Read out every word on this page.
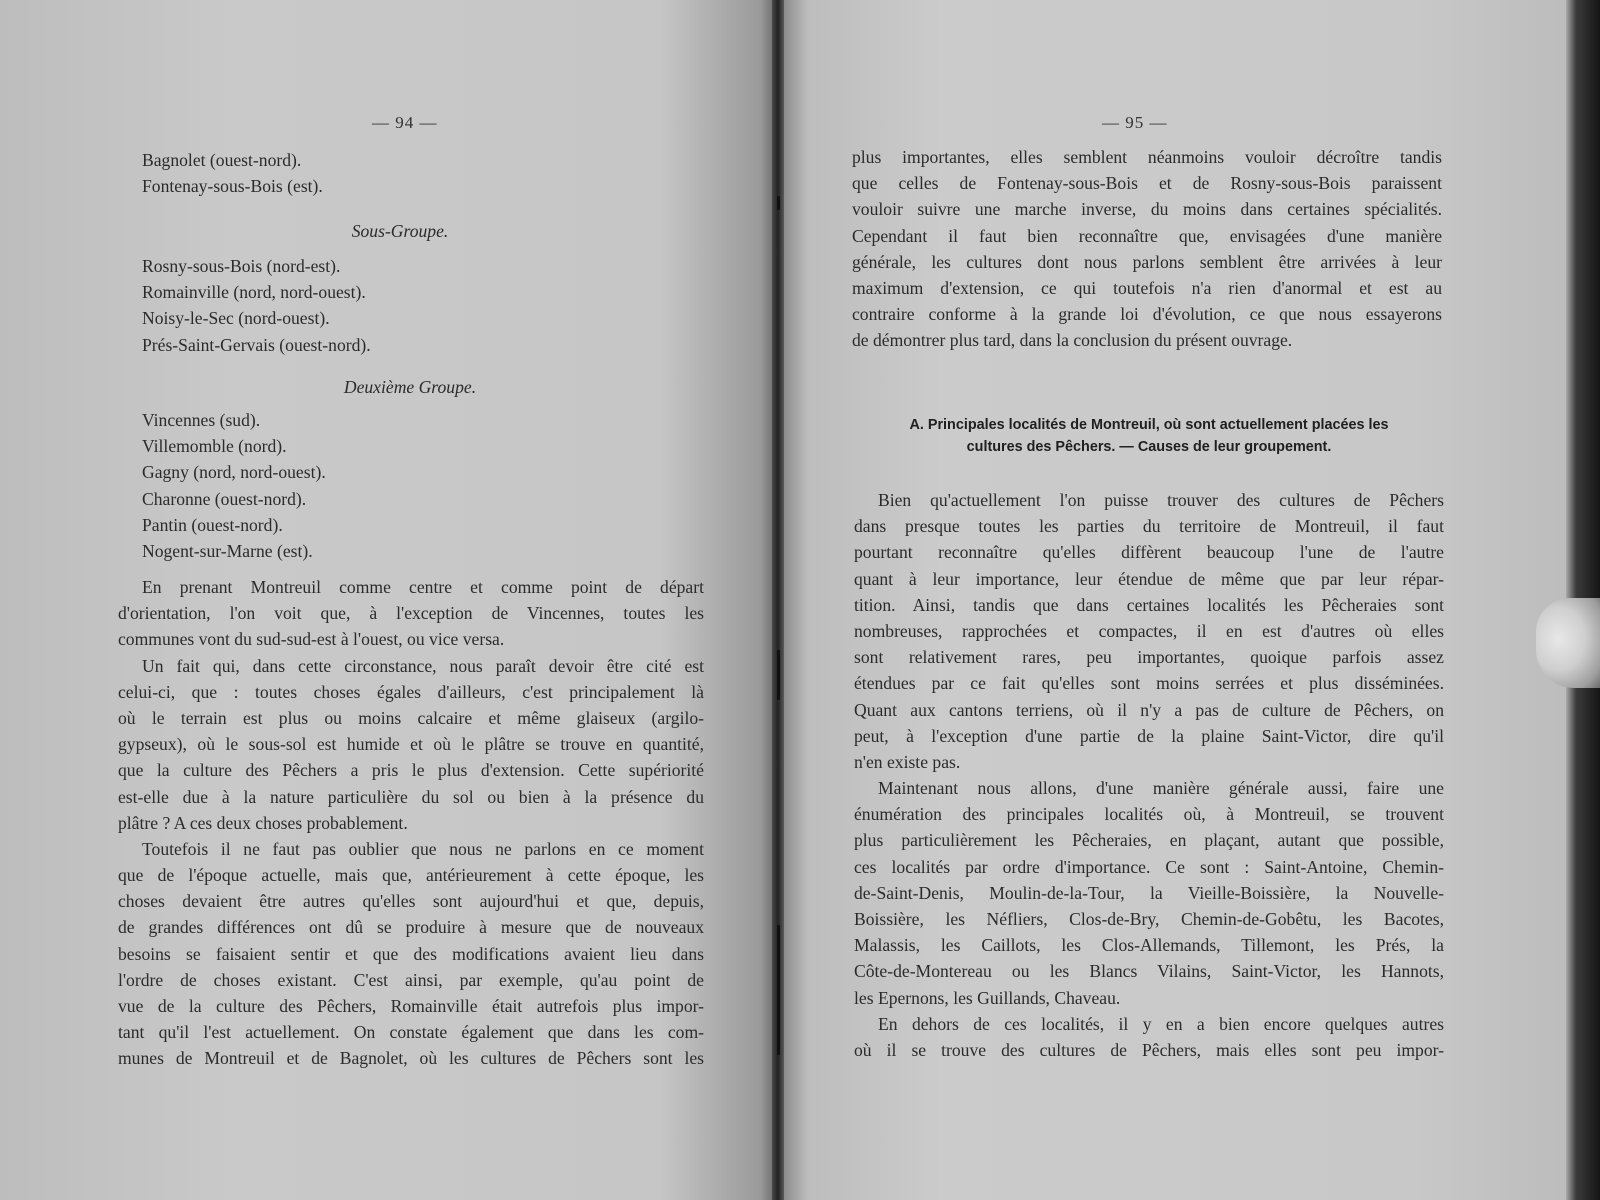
— 94 —
Bagnolet (ouest-nord).
Fontenay-sous-Bois (est).
Sous-Groupe.
Rosny-sous-Bois (nord-est).
Romainville (nord, nord-ouest).
Noisy-le-Sec (nord-ouest).
Prés-Saint-Gervais (ouest-nord).
Deuxième Groupe.
Vincennes (sud).
Villemomble (nord).
Gagny (nord, nord-ouest).
Charonne (ouest-nord).
Pantin (ouest-nord).
Nogent-sur-Marne (est).
En prenant Montreuil comme centre et comme point de départ
d'orientation, l'on voit que, à l'exception de Vincennes, toutes les
communes vont du sud-sud-est à l'ouest, ou vice versa.
Un fait qui, dans cette circonstance, nous paraît devoir être cité est
celui-ci, que : toutes choses égales d'ailleurs, c'est principalement là
où le terrain est plus ou moins calcaire et même glaiseux (argilo-
gypseux), où le sous-sol est humide et où le plâtre se trouve en quantité,
que la culture des Pêchers a pris le plus d'extension. Cette supériorité
est-elle due à la nature particulière du sol ou bien à la présence du
plâtre ? A ces deux choses probablement.
Toutefois il ne faut pas oublier que nous ne parlons en ce moment
que de l'époque actuelle, mais que, antérieurement à cette époque, les
choses devaient être autres qu'elles sont aujourd'hui et que, depuis,
de grandes différences ont dû se produire à mesure que de nouveaux
besoins se faisaient sentir et que des modifications avaient lieu dans
l'ordre de choses existant. C'est ainsi, par exemple, qu'au point de
vue de la culture des Pêchers, Romainville était autrefois plus impor-
tant qu'il l'est actuellement. On constate également que dans les com-
munes de Montreuil et de Bagnolet, où les cultures de Pêchers sont les
— 95 —
plus importantes, elles semblent néanmoins vouloir décroître tandis
que celles de Fontenay-sous-Bois et de Rosny-sous-Bois paraissent
vouloir suivre une marche inverse, du moins dans certaines spécialités.
Cependant il faut bien reconnaître que, envisagées d'une manière
générale, les cultures dont nous parlons semblent être arrivées à leur
maximum d'extension, ce qui toutefois n'a rien d'anormal et est au
contraire conforme à la grande loi d'évolution, ce que nous essayerons
de démontrer plus tard, dans la conclusion du présent ouvrage.
A. Principales localités de Montreuil, où sont actuellement placées les
cultures des Pêchers. — Causes de leur groupement.
Bien qu'actuellement l'on puisse trouver des cultures de Pêchers
dans presque toutes les parties du territoire de Montreuil, il faut
pourtant reconnaître qu'elles diffèrent beaucoup l'une de l'autre
quant à leur importance, leur étendue de même que par leur répar-
tition. Ainsi, tandis que dans certaines localités les Pêcheraies sont
nombreuses, rapprochées et compactes, il en est d'autres où elles
sont relativement rares, peu importantes, quoique parfois assez
étendues par ce fait qu'elles sont moins serrées et plus disséminées.
Quant aux cantons terriens, où il n'y a pas de culture de Pêchers, on
peut, à l'exception d'une partie de la plaine Saint-Victor, dire qu'il
n'en existe pas.
Maintenant nous allons, d'une manière générale aussi, faire une
énumération des principales localités où, à Montreuil, se trouvent
plus particulièrement les Pêcheraies, en plaçant, autant que possible,
ces localités par ordre d'importance. Ce sont : Saint-Antoine, Chemin-
de-Saint-Denis, Moulin-de-la-Tour, la Vieille-Boissière, la Nouvelle-
Boissière, les Néfliers, Clos-de-Bry, Chemin-de-Gobêtu, les Bacotes,
Malassis, les Caillots, les Clos-Allemands, Tillemont, les Prés, la
Côte-de-Montereau ou les Blancs Vilains, Saint-Victor, les Hannots,
les Epernons, les Guillands, Chaveau.
En dehors de ces localités, il y en a bien encore quelques autres
où il se trouve des cultures de Pêchers, mais elles sont peu impor-
